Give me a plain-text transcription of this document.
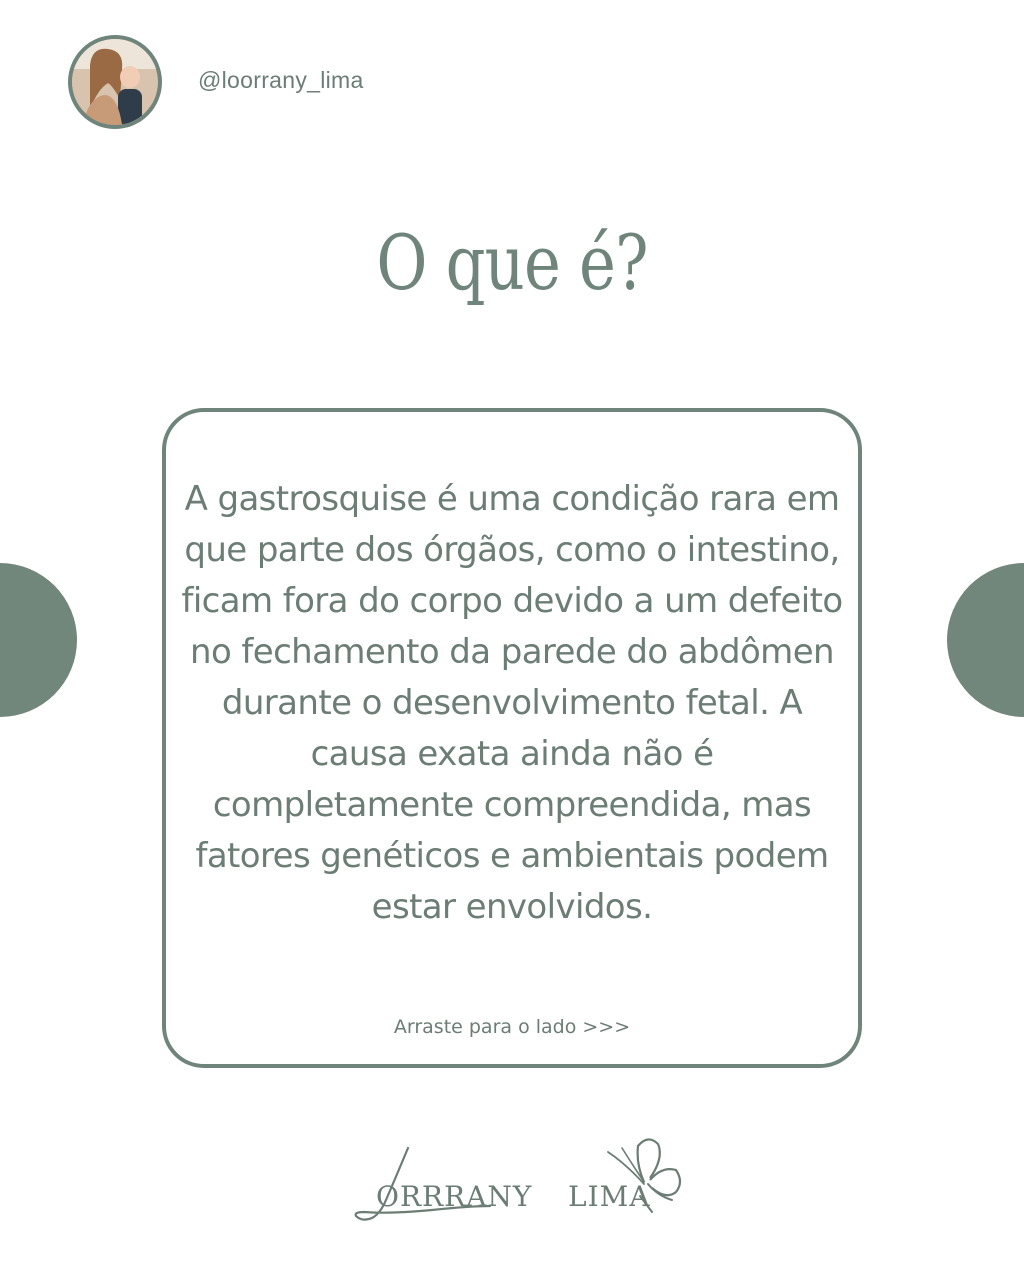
@loorrany_lima
O que é?
A gastrosquise é uma condição rara em que parte dos órgãos, como o intestino, ficam fora do corpo devido a um defeito no fechamento da parede do abdômen durante o desenvolvimento fetal. A causa exata ainda não é completamente compreendida, mas fatores genéticos e ambientais podem estar envolvidos.
Arraste para o lado >>>
ORRRANY LIMA
